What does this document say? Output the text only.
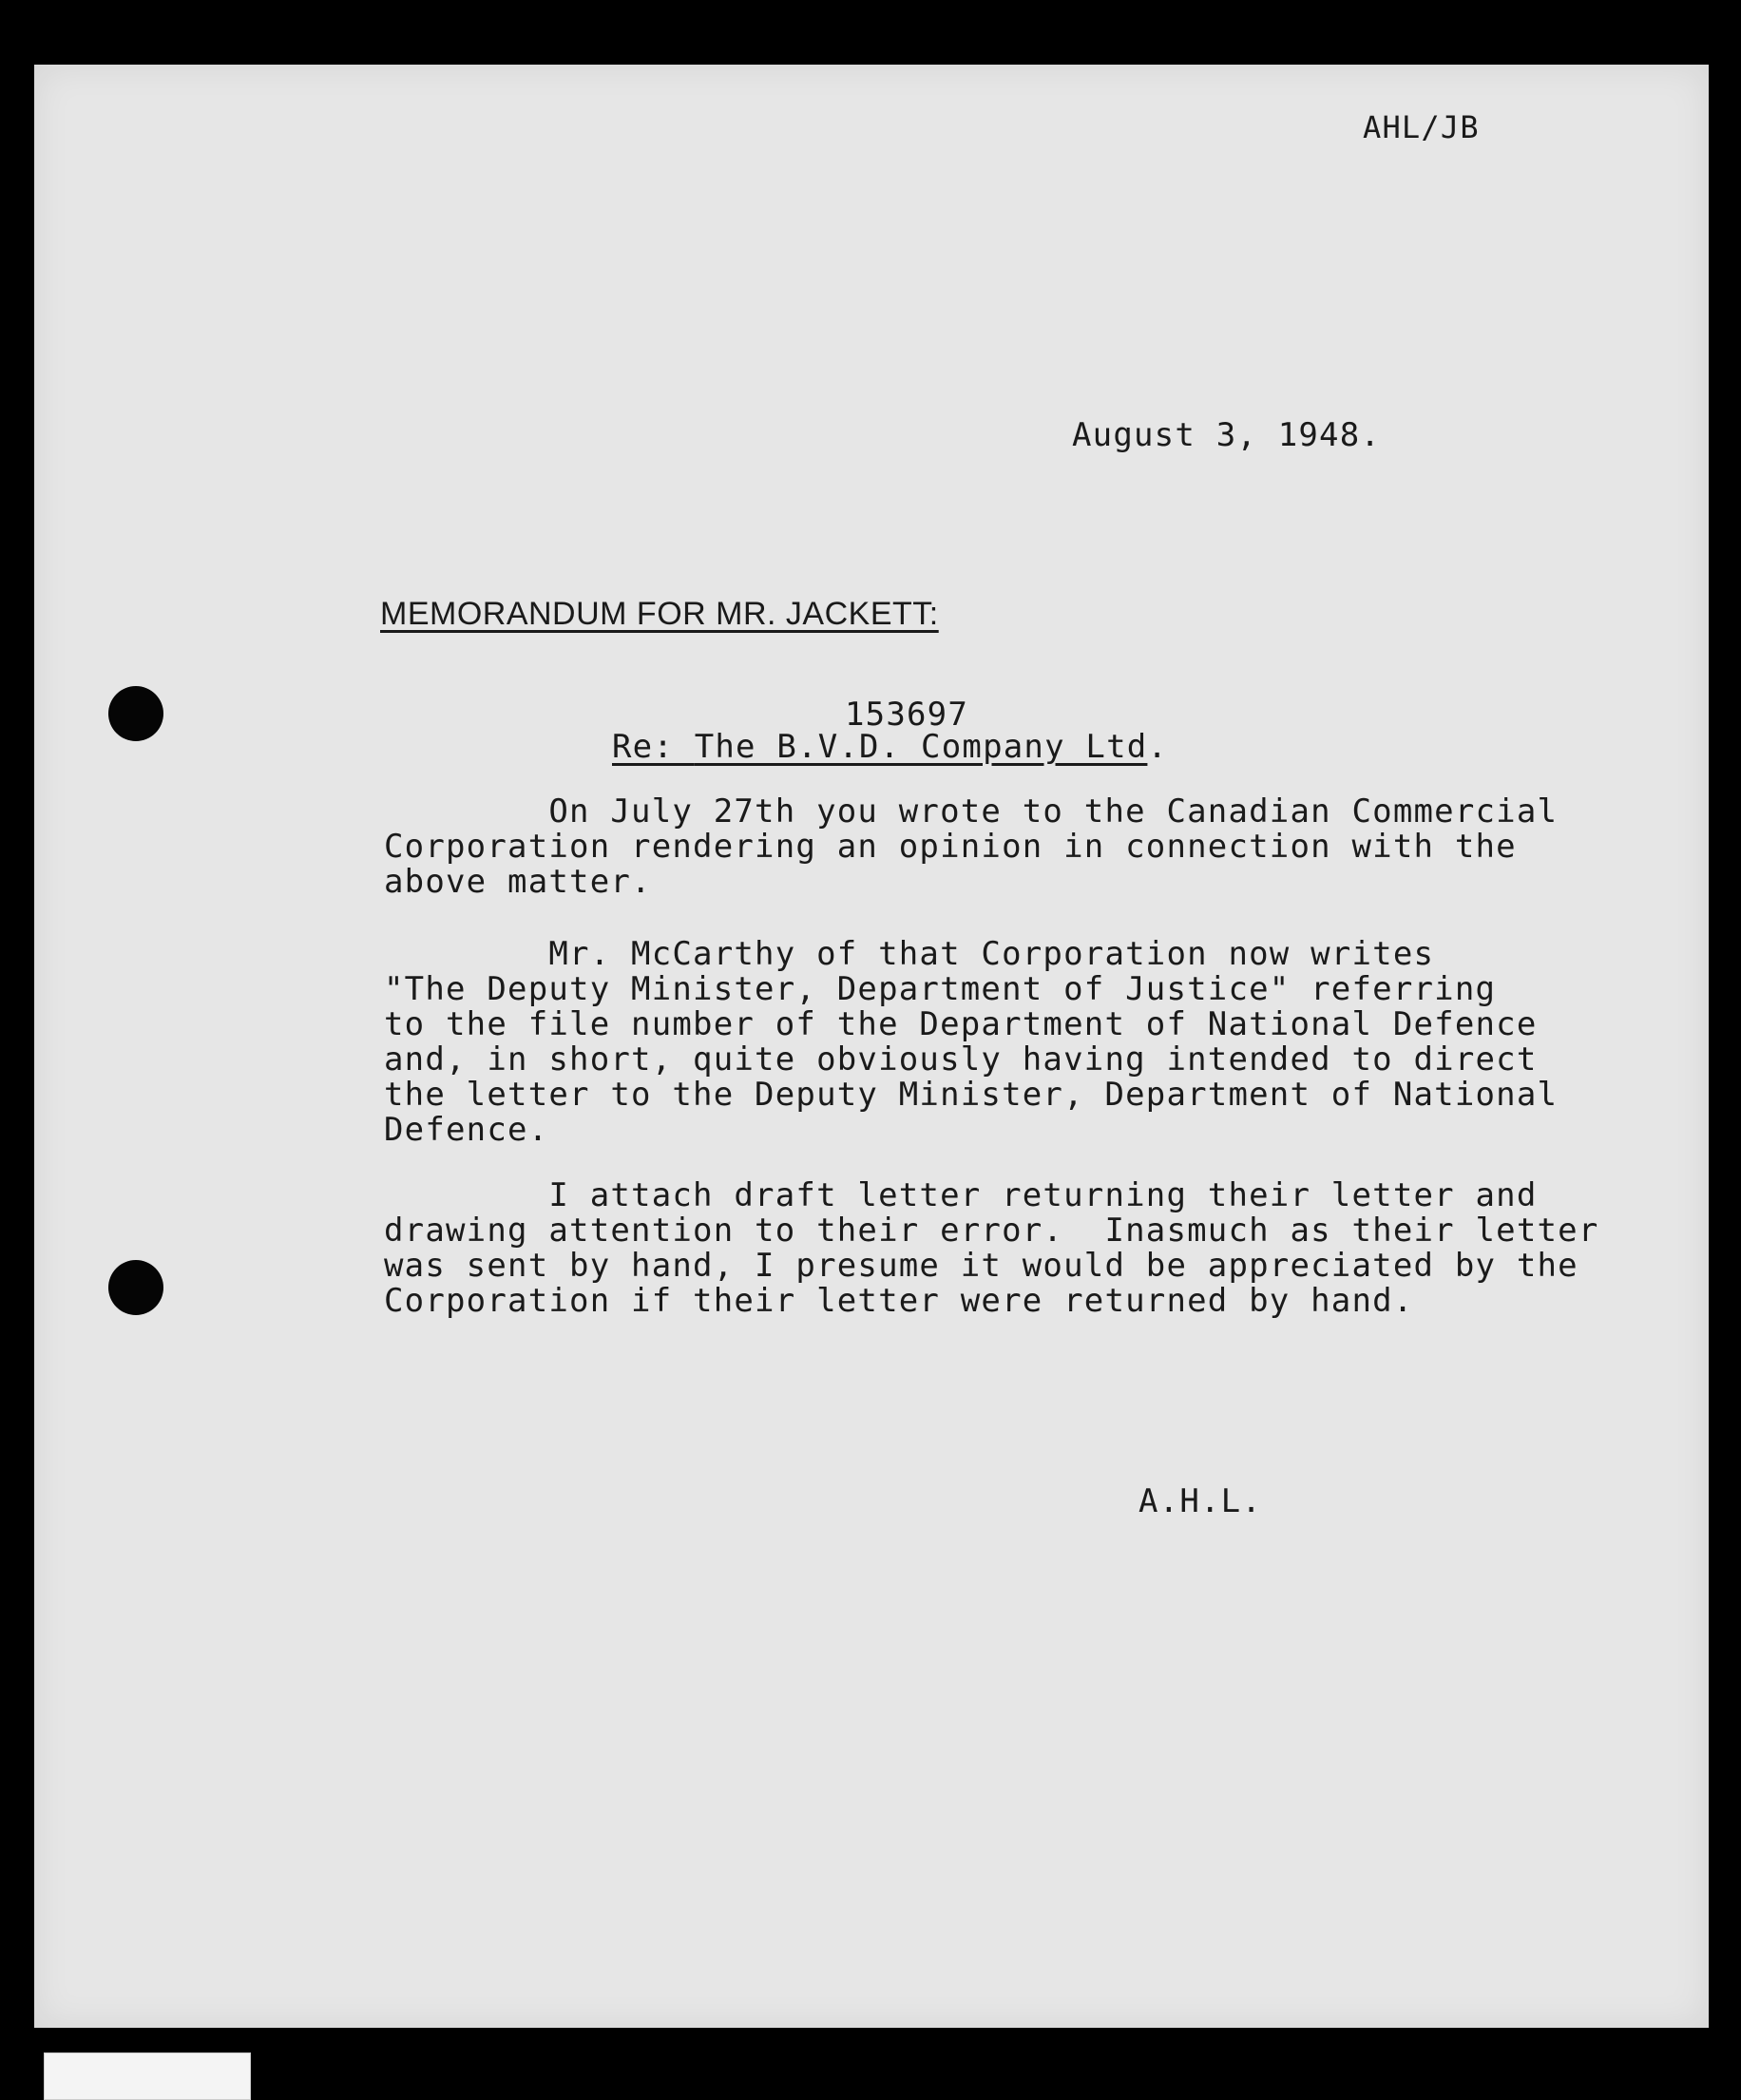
AHL/JB

August 3, 1948.

MEMORANDUM FOR MR. JACKETT:

153697

Re: The B.V.D. Company Ltd.

On July 27th you wrote to the Canadian Commercial
Corporation rendering an opinion in connection with the
above matter.

Mr. McCarthy of that Corporation now writes
"The Deputy Minister, Department of Justice" referring
to the file number of the Department of National Defence
and, in short, quite obviously having intended to direct
the letter to the Deputy Minister, Department of National
Defence.

I attach draft letter returning their letter and
drawing attention to their error.  Inasmuch as their letter
was sent by hand, I presume it would be appreciated by the
Corporation if their letter were returned by hand.

A.H.L.
